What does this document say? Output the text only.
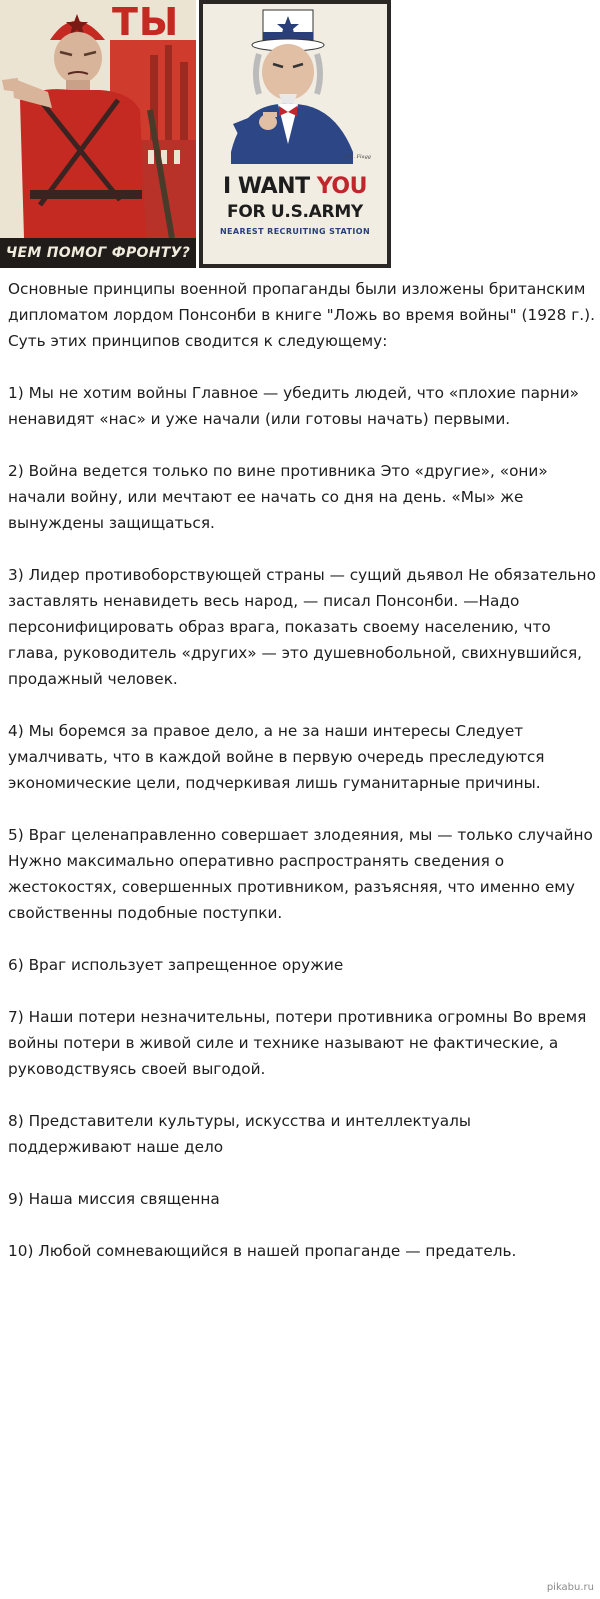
ТЫ
ЧЕМ ПОМОГ ФРОНТУ?
J.M. Flagg
I WANT YOU
FOR U.S.ARMY
NEAREST RECRUITING STATION

Основные принципы военной пропаганды были изложены британским дипломатом лордом Понсонби в книге "Ложь во время войны" (1928 г.). Суть этих принципов сводится к следующему:

1) Мы не хотим войны Главное — убедить людей, что «плохие парни» ненавидят «нас» и уже начали (или готовы начать) первыми.

2) Война ведется только по вине противника Это «другие», «они» начали войну, или мечтают ее начать со дня на день. «Мы» же вынуждены защищаться.

3) Лидер противоборствующей страны — сущий дьявол Не обязательно заставлять ненавидеть весь народ, — писал Понсонби. —Надо персонифицировать образ врага, показать своему населению, что глава, руководитель «других» — это душевнобольной, свихнувшийся, продажный человек.

4) Мы боремся за правое дело, а не за наши интересы Следует умалчивать, что в каждой войне в первую очередь преследуются экономические цели, подчеркивая лишь гуманитарные причины.

5) Враг целенаправленно совершает злодеяния, мы — только случайно Нужно максимально оперативно распространять сведения о жестокостях, совершенных противником, разъясняя, что именно ему свойственны подобные поступки.

6) Враг использует запрещенное оружие

7) Наши потери незначительны, потери противника огромны Во время войны потери в живой силе и технике называют не фактические, а руководствуясь своей выгодой.

8) Представители культуры, искусства и интеллектуалы поддерживают наше дело

9) Наша миссия священна

10) Любой сомневающийся в нашей пропаганде — предатель.

pikabu.ru
